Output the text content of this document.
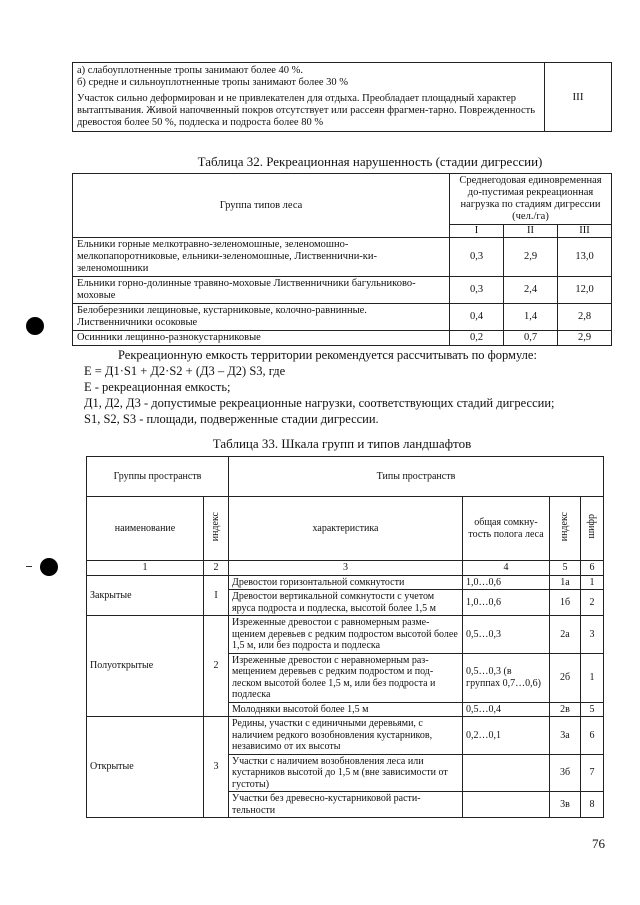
а) слабоуплотненные тропы занимают более 40 %.
б) средне и сильноуплотненные тропы занимают более 30 %
Участок сильно деформирован и не привлекателен для отдыха. Преобладает площадный характер вытаптывания. Живой напочвенный покров отсутствует или рассеян фрагмен-тарно. Поврежденность древостоя более 50 %, подлеска и подроста более 80 %
	III
Таблица 32. Рекреационная нарушенность (стадии дигрессии)
Группа типов леса	Среднегодовая единовременная до-пустимая рекреационная нагрузка по стадиям дигрессии (чел./га)		
	I	II	III
Ельники горные мелкотравно-зеленомошные, зеленомошно-мелкопапоротниковые, ельники-зеленомошные, Лиственнични-ки-зеленомошники	0,3	2,9	13,0
Ельники горно-долинные травяно-моховые Лиственничники багульниково-моховые	0,3	2,4	12,0
Белоберезники лещиновые, кустарниковые, колочно-равнинные. Лиственничники осоковые	0,4	1,4	2,8
Осинники лещинно-разнокустарниковые	0,2	0,7	2,9
Рекреационную емкость территории рекомендуется рассчитывать по формуле:
Е = Д1·S1 + Д2·S2 + (Д3 – Д2) S3, где
Е - рекреационная емкость;
Д1, Д2, Д3 - допустимые рекреационные нагрузки, соответствующих стадий дигрессии;
S1, S2, S3 - площади, подверженные стадии дигрессии.
Таблица 33. Шкала групп и типов ландшафтов
Группы пространств		Типы пространств			
наименование	индекс	характеристика	общая сомкну-тость полога леса	индекс	шифр
1	2	3	4	5	6
Закрытые	I	Древостои горизонтальной сомкнутости	1,0…0,6	1а	1
		Древостои вертикальной сомкнутости с учетом яруса подроста и подлеска, высотой более 1,5 м	1,0…0,6	1б	2
Полуоткрытые	2	Изреженные древостои с равномерным разме-щением деревьев с редким подростом высотой более 1,5 м, или без подроста и подлеска	0,5…0,3	2а	3
		Изреженные древостои с неравномерным раз-мещением деревьев с редким подростом и под-леском высотой более 1,5 м, или без подроста и подлеска	0,5…0,3 (в группах 0,7…0,6)	2б	1
		Молодняки высотой более 1,5 м	0,5…0,4	2в	5
Открытые	3	Редины, участки с единичными деревьями, с наличием редкого возобновления кустарников, независимо от их высоты	0,2…0,1	3а	6
		Участки с наличием возобновления леса или кустарников высотой до 1,5 м (вне зависимости от густоты)		3б	7
		Участки без древесно-кустарниковой расти-тельности		3в	8
76
